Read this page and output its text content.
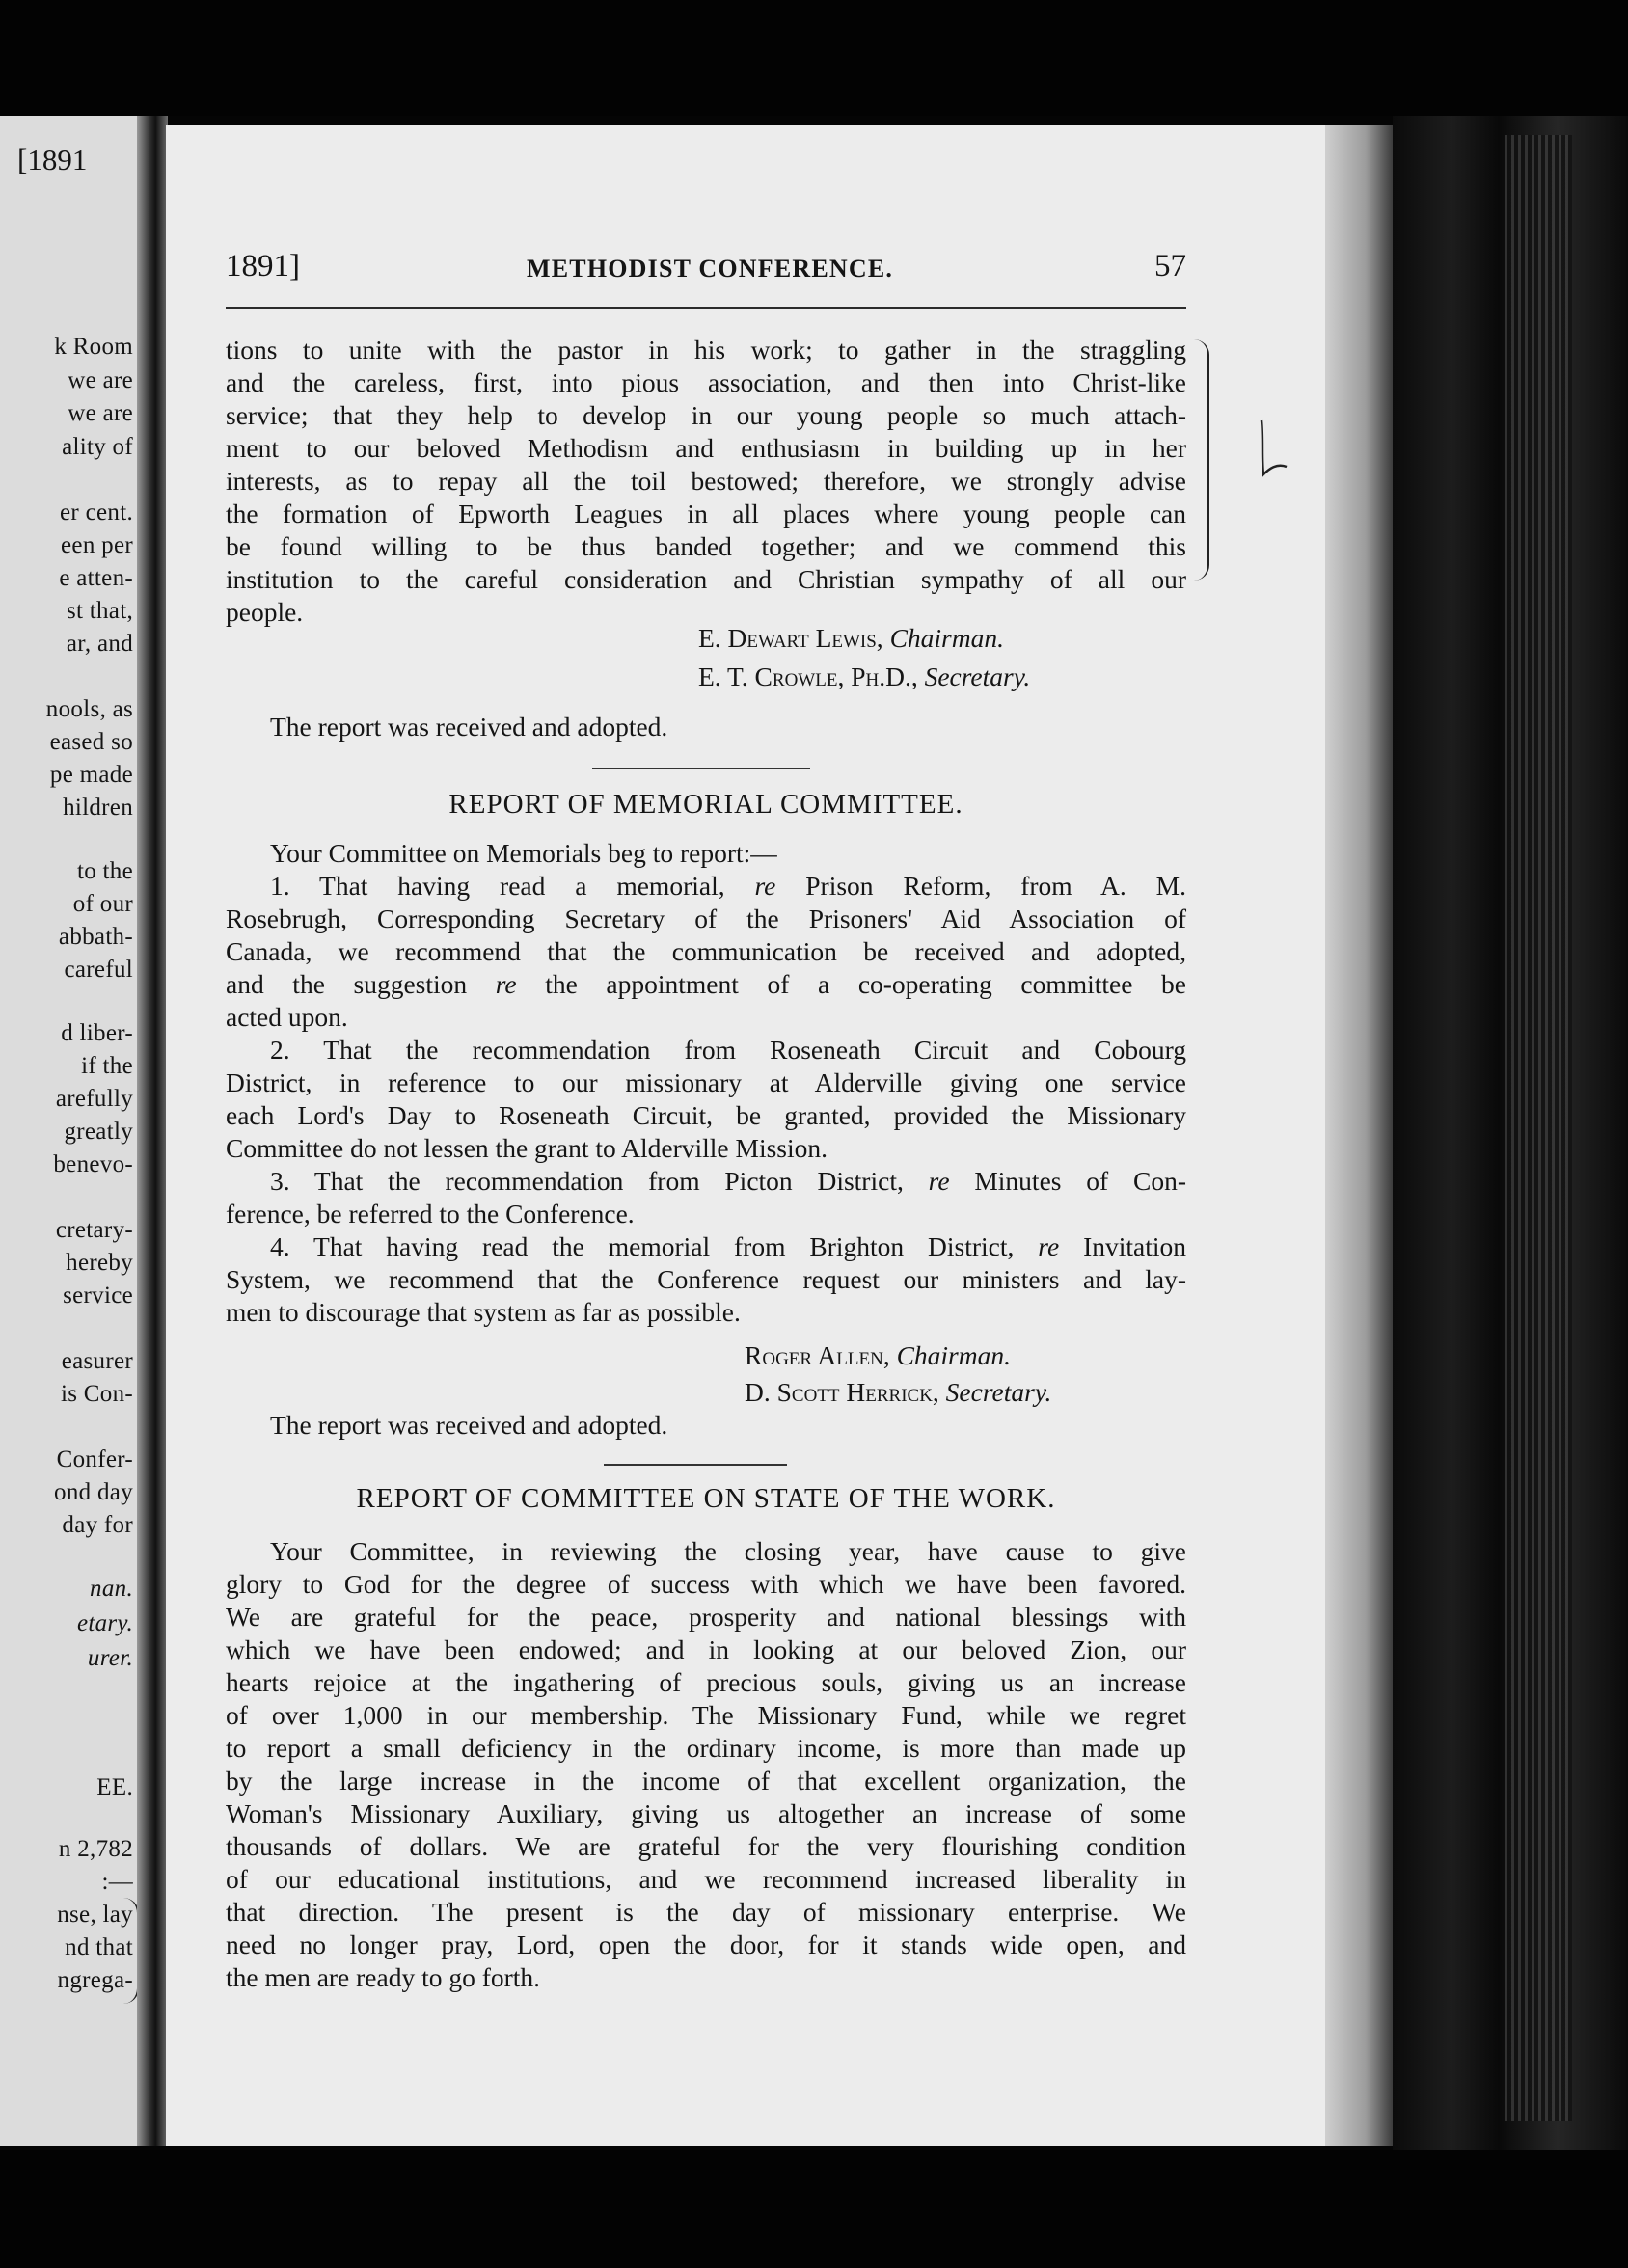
[1891
k Room
we are
we are
ality of
er cent.
een per
e atten-
st that,
ar, and
nools, as
eased so
pe made
hildren
to the
of our
abbath-
careful
d liber-
if the
arefully
greatly
benevo-
cretary-
hereby
service
easurer
is Con-
Confer-
ond day
day for
nan.
etary.
urer.
EE.
n 2,782
:—
nse, lay
nd that
ngrega-
1891]	METHODIST CONFERENCE.	57
tions to unite with the pastor in his work; to gather in the straggling
and the careless, first, into pious association, and then into Christ-like
service; that they help to develop in our young people so much attach-
ment to our beloved Methodism and enthusiasm in building up in her
interests, as to repay all the toil bestowed; therefore, we strongly advise
the formation of Epworth Leagues in all places where young people can
be found willing to be thus banded together; and we commend this
institution to the careful consideration and Christian sympathy of all our
people.
E. Dewart Lewis, Chairman.
E. T. Crowle, Ph.D., Secretary.
The report was received and adopted.
REPORT OF MEMORIAL COMMITTEE.
Your Committee on Memorials beg to report:—
1. That having read a memorial, re Prison Reform, from A. M.
Rosebrugh, Corresponding Secretary of the Prisoners' Aid Association of
Canada, we recommend that the communication be received and adopted,
and the suggestion re the appointment of a co-operating committee be
acted upon.
2. That the recommendation from Roseneath Circuit and Cobourg
District, in reference to our missionary at Alderville giving one service
each Lord's Day to Roseneath Circuit, be granted, provided the Missionary
Committee do not lessen the grant to Alderville Mission.
3. That the recommendation from Picton District, re Minutes of Con-
ference, be referred to the Conference.
4. That having read the memorial from Brighton District, re Invitation
System, we recommend that the Conference request our ministers and lay-
men to discourage that system as far as possible.
Roger Allen, Chairman.
D. Scott Herrick, Secretary.
The report was received and adopted.
REPORT OF COMMITTEE ON STATE OF THE WORK.
Your Committee, in reviewing the closing year, have cause to give
glory to God for the degree of success with which we have been favored.
We are grateful for the peace, prosperity and national blessings with
which we have been endowed; and in looking at our beloved Zion, our
hearts rejoice at the ingathering of precious souls, giving us an increase
of over 1,000 in our membership. The Missionary Fund, while we regret
to report a small deficiency in the ordinary income, is more than made up
by the large increase in the income of that excellent organization, the
Woman's Missionary Auxiliary, giving us altogether an increase of some
thousands of dollars. We are grateful for the very flourishing condition
of our educational institutions, and we recommend increased liberality in
that direction. The present is the day of missionary enterprise. We
need no longer pray, Lord, open the door, for it stands wide open, and
the men are ready to go forth.
